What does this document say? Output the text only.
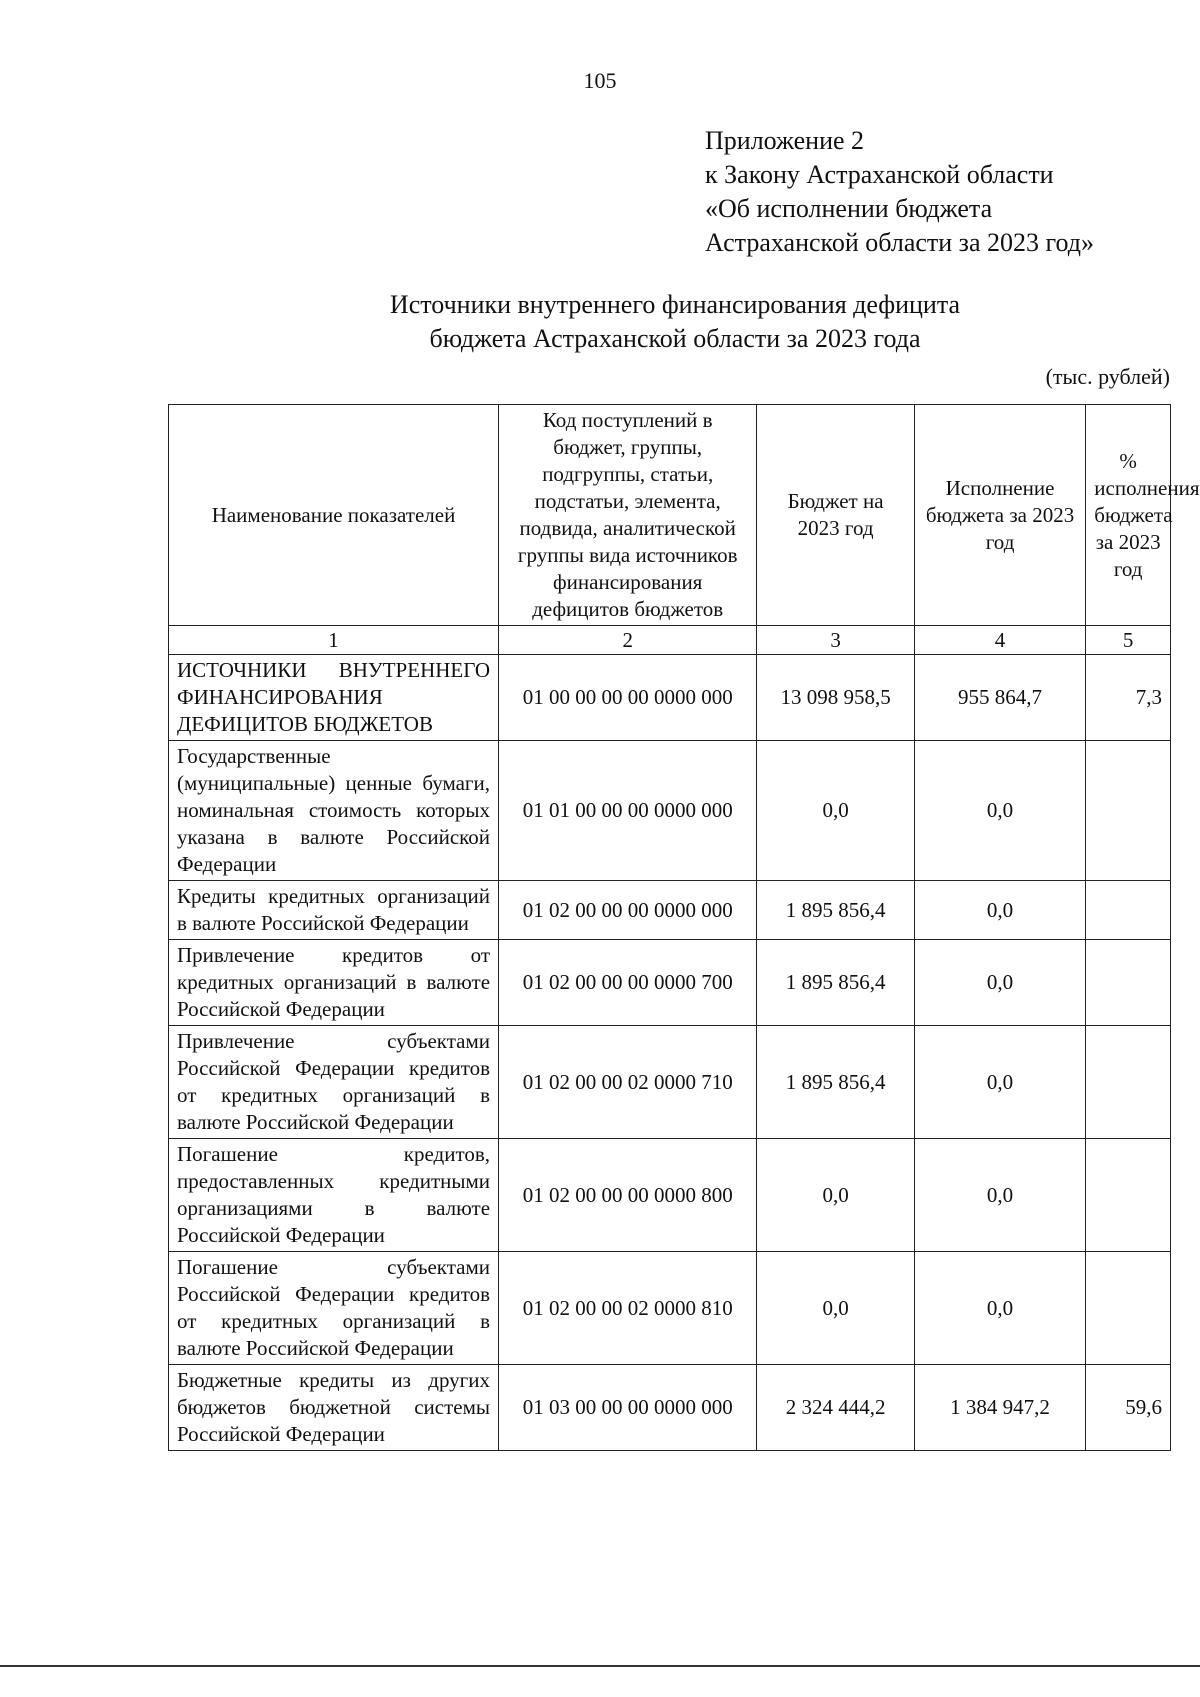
105
Приложение 2
к Закону Астраханской области
«Об исполнении бюджета
Астраханской области за 2023 год»
Источники внутреннего финансирования дефицита
бюджета Астраханской области за 2023 года
(тыс. рублей)
Наименование показателей	Код поступлений в бюджет, группы, подгруппы, статьи, подстатьи, элемента, подвида, аналитической группы вида источников финансирования дефицитов бюджетов	Бюджет на 2023 год	Исполнение бюджета за 2023 год	% исполнения бюджета за 2023 год
1	2	3	4	5
ИСТОЧНИКИ ВНУТРЕННЕГО ФИНАНСИРОВАНИЯ ДЕФИЦИТОВ БЮДЖЕТОВ	01 00 00 00 00 0000 000	13 098 958,5	955 864,7	7,3
Государственные (муниципальные) ценные бумаги, номинальная стоимость которых указана в валюте Российской Федерации	01 01 00 00 00 0000 000	0,0	0,0	
Кредиты кредитных организаций в валюте Российской Федерации	01 02 00 00 00 0000 000	1 895 856,4	0,0	
Привлечение кредитов от кредитных организаций в валюте Российской Федерации	01 02 00 00 00 0000 700	1 895 856,4	0,0	
Привлечение субъектами Российской Федерации кредитов от кредитных организаций в валюте Российской Федерации	01 02 00 00 02 0000 710	1 895 856,4	0,0	
Погашение кредитов, предоставленных кредитными организациями в валюте Российской Федерации	01 02 00 00 00 0000 800	0,0	0,0	
Погашение субъектами Российской Федерации кредитов от кредитных организаций в валюте Российской Федерации	01 02 00 00 02 0000 810	0,0	0,0	
Бюджетные кредиты из других бюджетов бюджетной системы Российской Федерации	01 03 00 00 00 0000 000	2 324 444,2	1 384 947,2	59,6
